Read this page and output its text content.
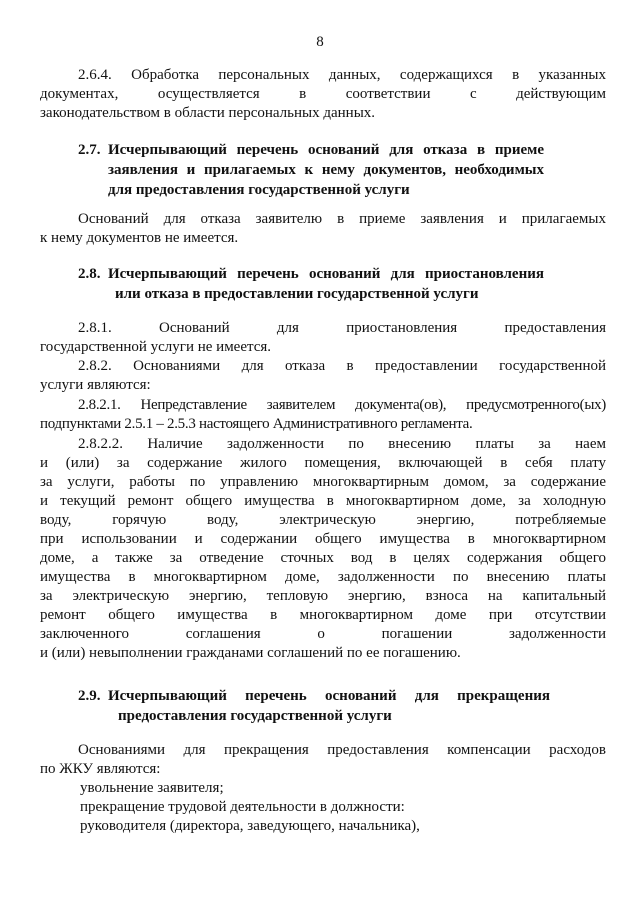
8
2.6.4. Обработка персональных данных, содержащихся в указанных
документах, осуществляется в соответствии с действующим
законодательством в области персональных данных.
2.7. Исчерпывающий перечень оснований для отказа в приеме
заявления и прилагаемых к нему документов, необходимых
для предоставления государственной услуги
Оснований для отказа заявителю в приеме заявления и прилагаемых
к нему документов не имеется.
2.8. Исчерпывающий перечень оснований для приостановления
или отказа в предоставлении государственной услуги
2.8.1. Оснований для приостановления предоставления
государственной услуги не имеется.
2.8.2. Основаниями для отказа в предоставлении государственной
услуги являются:
2.8.2.1. Непредставление заявителем документа(ов), предусмотренного(ых)
подпунктами 2.5.1 – 2.5.3 настоящего Административного регламента.
2.8.2.2. Наличие задолженности по внесению платы за наем
и (или) за содержание жилого помещения, включающей в себя плату
за услуги, работы по управлению многоквартирным домом, за содержание
и текущий ремонт общего имущества в многоквартирном доме, за холодную
воду, горячую воду, электрическую энергию, потребляемые
при использовании и содержании общего имущества в многоквартирном
доме, а также за отведение сточных вод в целях содержания общего
имущества в многоквартирном доме, задолженности по внесению платы
за электрическую энергию, тепловую энергию, взноса на капитальный
ремонт общего имущества в многоквартирном доме при отсутствии
заключенного соглашения о погашении задолженности
и (или) невыполнении гражданами соглашений по ее погашению.
2.9. Исчерпывающий перечень оснований для прекращения
предоставления государственной услуги
Основаниями для прекращения предоставления компенсации расходов
по ЖКУ являются:
увольнение заявителя;
прекращение трудовой деятельности в должности:
руководителя (директора, заведующего, начальника),
